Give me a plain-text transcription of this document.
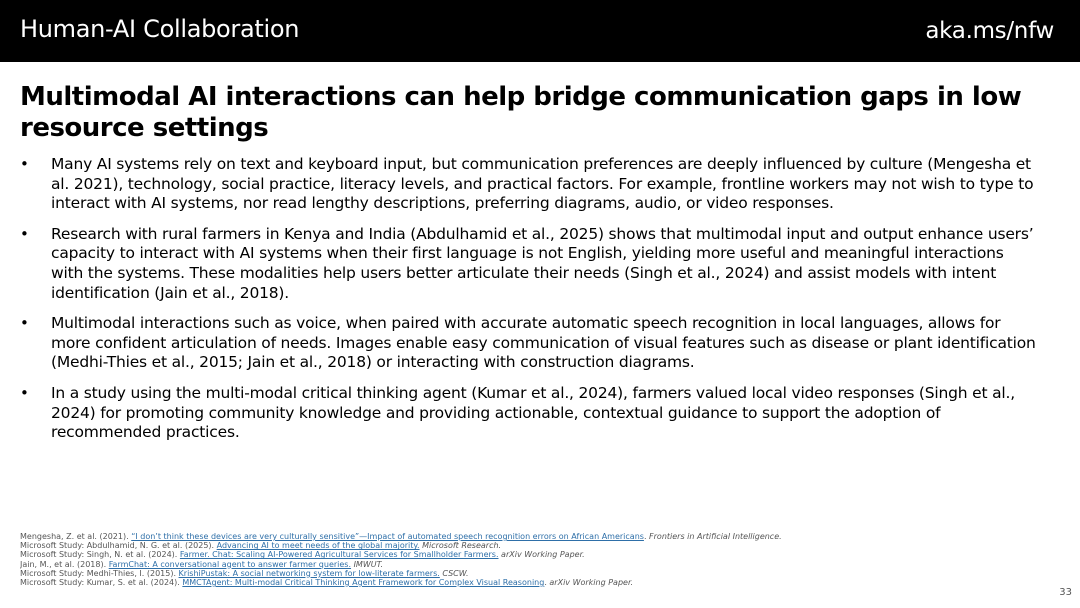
Human-AI Collaboration	aka.ms/nfw
Multimodal AI interactions can help bridge communication gaps in low resource settings
• Many AI systems rely on text and keyboard input, but communication preferences are deeply influenced by culture (Mengesha et al. 2021), technology, social practice, literacy levels, and practical factors. For example, frontline workers may not wish to type to interact with AI systems, nor read lengthy descriptions, preferring diagrams, audio, or video responses.
• Research with rural farmers in Kenya and India (Abdulhamid et al., 2025) shows that multimodal input and output enhance users’ capacity to interact with AI systems when their first language is not English, yielding more useful and meaningful interactions with the systems. These modalities help users better articulate their needs (Singh et al., 2024) and assist models with intent identification (Jain et al., 2018).
• Multimodal interactions such as voice, when paired with accurate automatic speech recognition in local languages, allows for more confident articulation of needs. Images enable easy communication of visual features such as disease or plant identification (Medhi-Thies et al., 2015; Jain et al., 2018) or interacting with construction diagrams.
• In a study using the multi-modal critical thinking agent (Kumar et al., 2024), farmers valued local video responses (Singh et al., 2024) for promoting community knowledge and providing actionable, contextual guidance to support the adoption of recommended practices.
Mengesha, Z. et al. (2021). “I don’t think these devices are very culturally sensitive”—Impact of automated speech recognition errors on African Americans. Frontiers in Artificial Intelligence.
Microsoft Study: Abdulhamid, N. G. et al. (2025). Advancing AI to meet needs of the global majority. Microsoft Research.
Microsoft Study: Singh, N. et al. (2024). Farmer. Chat: Scaling AI-Powered Agricultural Services for Smallholder Farmers. arXiv Working Paper.
Jain, M., et al. (2018). FarmChat: A conversational agent to answer farmer queries. IMWUT.
Microsoft Study: Medhi-Thies, I. (2015). KrishiPustak: A social networking system for low-literate farmers. CSCW.
Microsoft Study: Kumar, S. et al. (2024). MMCTAgent: Multi-modal Critical Thinking Agent Framework for Complex Visual Reasoning. arXiv Working Paper.
33
